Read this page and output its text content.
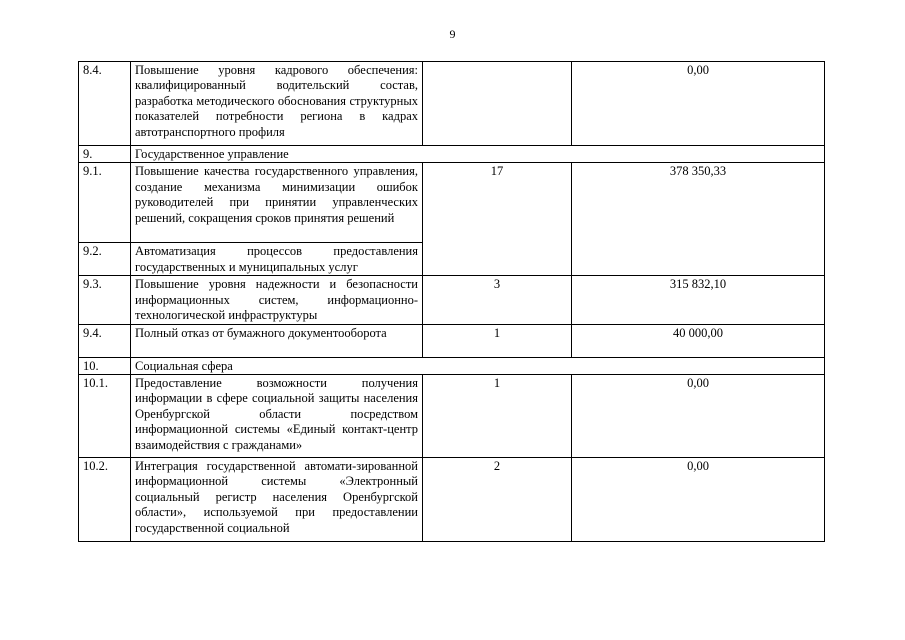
9
8.4.	Повышение уровня кадрового обеспечения: квалифицированный водительский состав, разработка методического обоснования структурных показателей потребности региона в кадрах автотранспортного профиля		0,00
9.	Государственное управление		
9.1.	Повышение качества государственного управления, создание механизма минимизации ошибок руководителей при принятии управленческих решений, сокращения сроков принятия решений	17	378 350,33
9.2.	Автоматизация процессов предоставления государственных и муниципальных услуг		
9.3.	Повышение уровня надежности и безопасности информационных систем, информационно-технологической инфраструктуры	3	315 832,10
9.4.	Полный отказ от бумажного документооборота	1	40 000,00
10.	Социальная сфера		
10.1.	Предоставление возможности получения информации в сфере социальной защиты населения Оренбургской области посредством информационной системы «Единый контакт-центр взаимодействия с гражданами»	1	0,00
10.2.	Интеграция государственной автомати-зированной информационной системы «Электронный социальный регистр населения Оренбургской области», используемой при предоставлении государственной социальной	2	0,00
